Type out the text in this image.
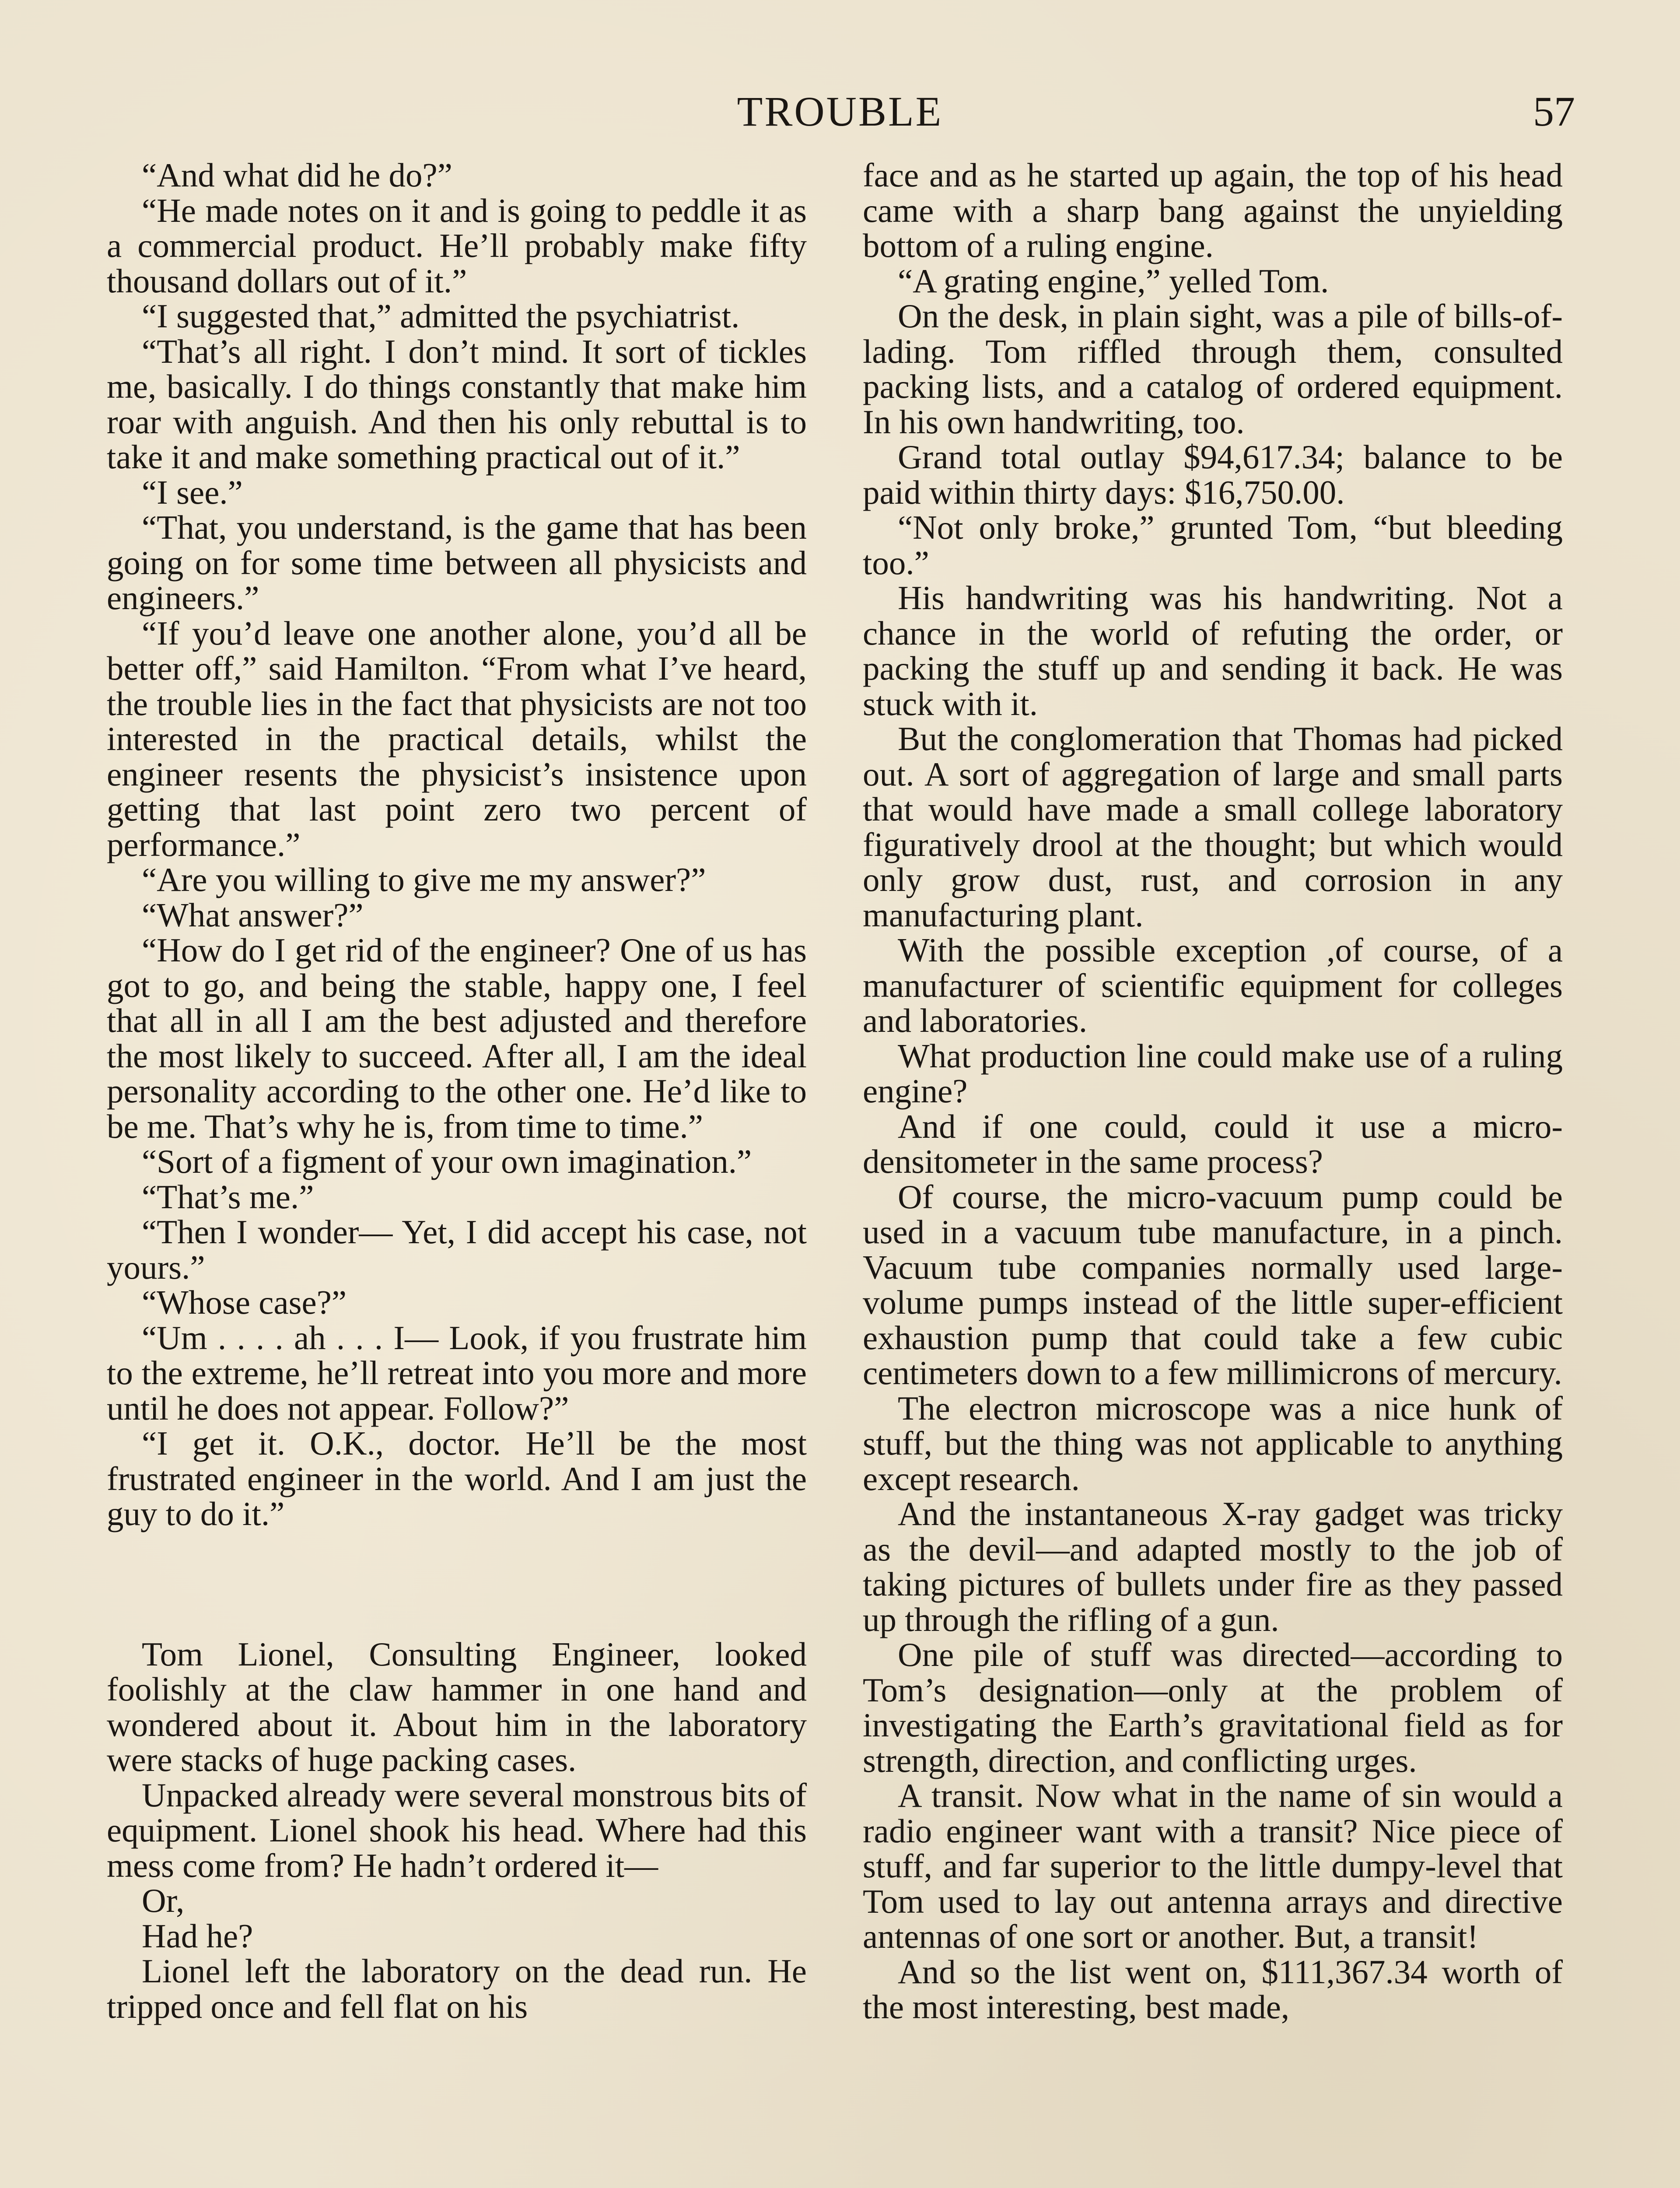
TROUBLE	57

“And what did he do?”

“He made notes on it and is going to peddle it as a commercial product. He’ll probably make fifty thousand dollars out of it.”

“I suggested that,” admitted the psychiatrist.

“That’s all right. I don’t mind. It sort of tickles me, basically. I do things constantly that make him roar with anguish. And then his only rebuttal is to take it and make something practical out of it.”

“I see.”

“That, you understand, is the game that has been going on for some time between all physicists and engineers.”

“If you’d leave one another alone, you’d all be better off,” said Hamilton. “From what I’ve heard, the trouble lies in the fact that physicists are not too interested in the practical details, whilst the engineer resents the physicist’s insistence upon getting that last point zero two percent of performance.”

“Are you willing to give me my answer?”

“What answer?”

“How do I get rid of the engineer? One of us has got to go, and being the stable, happy one, I feel that all in all I am the best adjusted and therefore the most likely to succeed. After all, I am the ideal personality according to the other one. He’d like to be me. That’s why he is, from time to time.”

“Sort of a figment of your own imagination.”

“That’s me.”

“Then I wonder— Yet, I did accept his case, not yours.”

“Whose case?”

“Um . . . . ah . . . I— Look, if you frustrate him to the extreme, he’ll retreat into you more and more until he does not appear. Follow?”

“I get it. O.K., doctor. He’ll be the most frustrated engineer in the world. And I am just the guy to do it.”

Tom Lionel, Consulting Engineer, looked foolishly at the claw hammer in one hand and wondered about it. About him in the laboratory were stacks of huge packing cases.

Unpacked already were several monstrous bits of equipment. Lionel shook his head. Where had this mess come from? He hadn’t ordered it—

Or,

Had he?

Lionel left the laboratory on the dead run. He tripped once and fell flat on his

face and as he started up again, the top of his head came with a sharp bang against the unyielding bottom of a ruling engine.

“A grating engine,” yelled Tom.

On the desk, in plain sight, was a pile of bills-of-lading. Tom riffled through them, consulted packing lists, and a catalog of ordered equipment. In his own handwriting, too.

Grand total outlay $94,617.34; balance to be paid within thirty days: $16,750.00.

“Not only broke,” grunted Tom, “but bleeding too.”

His handwriting was his handwriting. Not a chance in the world of refuting the order, or packing the stuff up and sending it back. He was stuck with it.

But the conglomeration that Thomas had picked out. A sort of aggregation of large and small parts that would have made a small college laboratory figuratively drool at the thought; but which would only grow dust, rust, and corrosion in any manufacturing plant.

With the possible exception ,of course, of a manufacturer of scientific equipment for colleges and laboratories.

What production line could make use of a ruling engine?

And if one could, could it use a microdensitometer in the same process?

Of course, the micro-vacuum pump could be used in a vacuum tube manufacture, in a pinch. Vacuum tube companies normally used large-volume pumps instead of the little super-efficient exhaustion pump that could take a few cubic centimeters down to a few millimicrons of mercury.

The electron microscope was a nice hunk of stuff, but the thing was not applicable to anything except research.

And the instantaneous X-ray gadget was tricky as the devil—and adapted mostly to the job of taking pictures of bullets under fire as they passed up through the rifling of a gun.

One pile of stuff was directed—according to Tom’s designation—only at the problem of investigating the Earth’s gravitational field as for strength, direction, and conflicting urges.

A transit. Now what in the name of sin would a radio engineer want with a transit? Nice piece of stuff, and far superior to the little dumpy-level that Tom used to lay out antenna arrays and directive antennas of one sort or another. But, a transit!

And so the list went on, $111,367.34 worth of the most interesting, best made,
